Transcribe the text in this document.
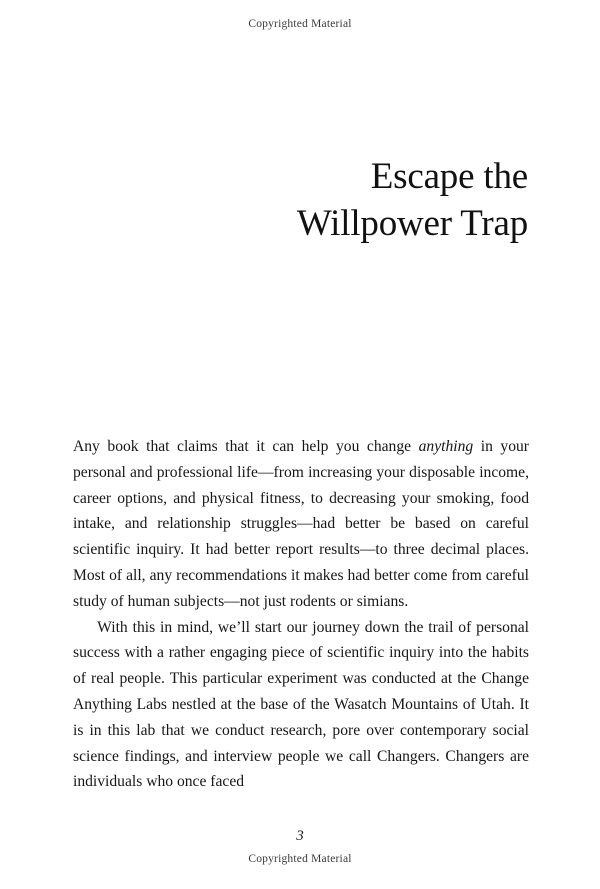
Copyrighted Material
Escape the
Willpower Trap

Any book that claims that it can help you change anything in your personal and professional life—from increasing your disposable income, career options, and physical fitness, to decreasing your smoking, food intake, and relationship struggles—had better be based on careful scientific inquiry. It had better report results—to three decimal places. Most of all, any recommendations it makes had better come from careful study of human subjects—not just rodents or simians.

With this in mind, we’ll start our journey down the trail of personal success with a rather engaging piece of scientific inquiry into the habits of real people. This particular experiment was conducted at the Change Anything Labs nestled at the base of the Wasatch Mountains of Utah. It is in this lab that we conduct research, pore over contemporary social science findings, and interview people we call Changers. Changers are individuals who once faced

3
Copyrighted Material
